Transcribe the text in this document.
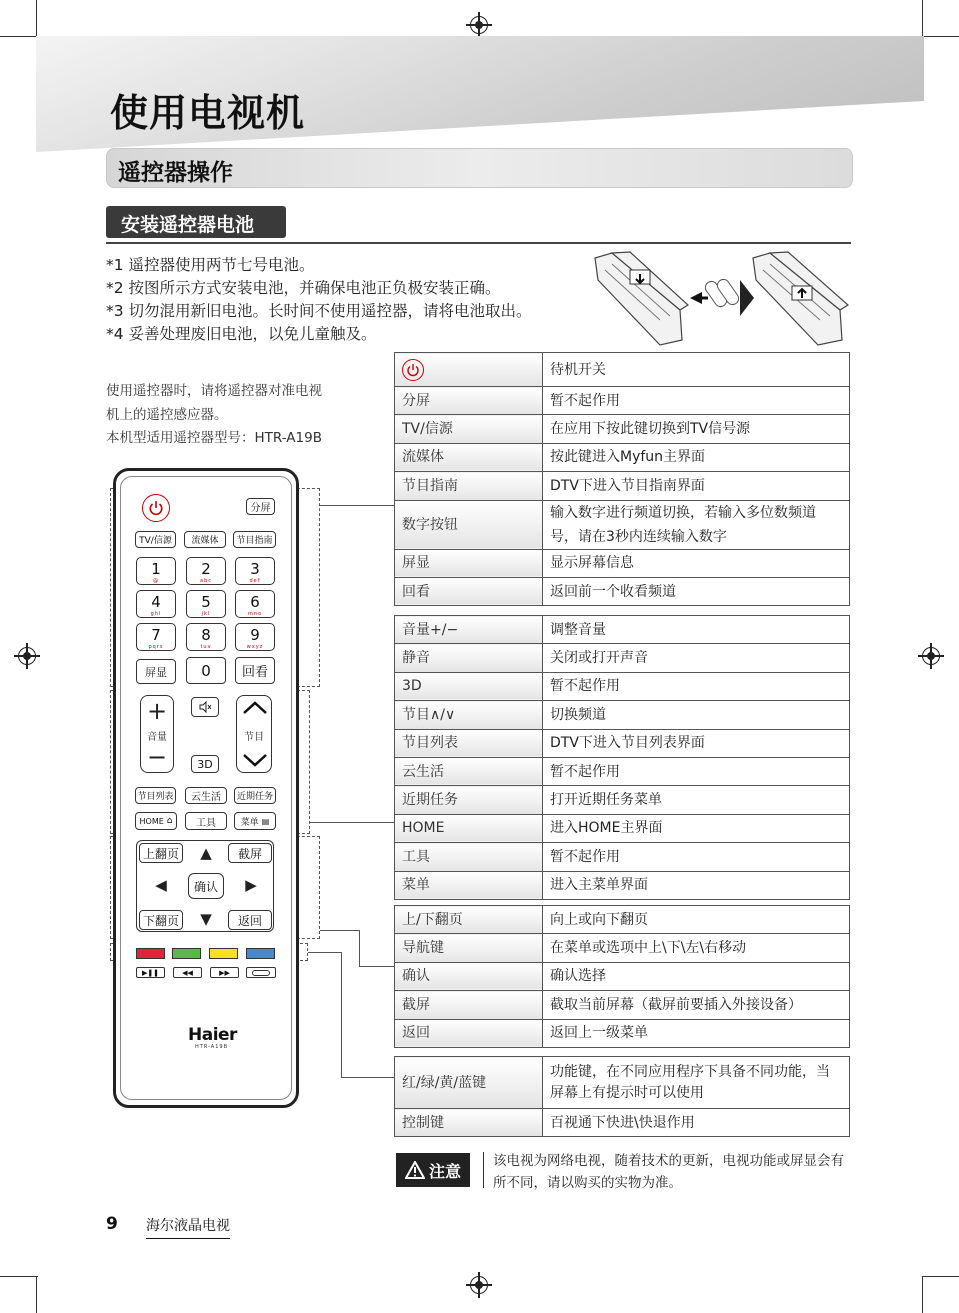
使用电视机
遥控器操作
安装遥控器电池
*1 遥控器使用两节七号电池。
*2 按图所示方式安装电池，并确保电池正负极安装正确。
*3 切勿混用新旧电池。长时间不使用遥控器，请将电池取出。
*4 妥善处理废旧电池，以免儿童触及。
使用遥控器时，请将遥控器对准电视
机上的遥控感应器。
本机型适用遥控器型号：HTR-A19B
	待机开关
分屏	暂不起作用
TV/信源	在应用下按此键切换到TV信号源
流媒体	按此键进入Myfun主界面
节目指南	DTV下进入节目指南界面
数字按钮	输入数字进行频道切换，若输入多位数频道号，请在3秒内连续输入数字
屏显	显示屏幕信息
回看	返回前一个收看频道
音量+/−	调整音量
静音	关闭或打开声音
3D	暂不起作用
节目∧/∨	切换频道
节目列表	DTV下进入节目列表界面
云生活	暂不起作用
近期任务	打开近期任务菜单
HOME	进入HOME主界面
工具	暂不起作用
菜单	进入主菜单界面
上/下翻页	向上或向下翻页
导航键	在菜单或选项中上\下\左\右移动
确认	确认选择
截屏	截取当前屏幕（截屏前要插入外接设备）
返回	返回上一级菜单
红/绿/黄/蓝键	功能键，在不同应用程序下具备不同功能，当屏幕上有提示时可以使用
控制键	百视通下快进\快退作用
分屏
TV/信源	流媒体	节目指南
1
@
2
abc
3
def
4
ghi
5
jkl
6
mno
7
pqrs
8
tuv
9
wxyz
屏显	0	回看
+
音量
−	3D
节目
节目列表	云生活	近期任务
HOME ⌂	工具	菜单 ▤
上翻页	▲	截屏
◀	确认	▶
下翻页	▼	返回
▶❚❚	◀◀	▶▶
Haier
HTR-A19B
注意
该电视为网络电视，随着技术的更新，电视功能或屏显会有所不同，请以购买的实物为准。
9 海尔液晶电视
